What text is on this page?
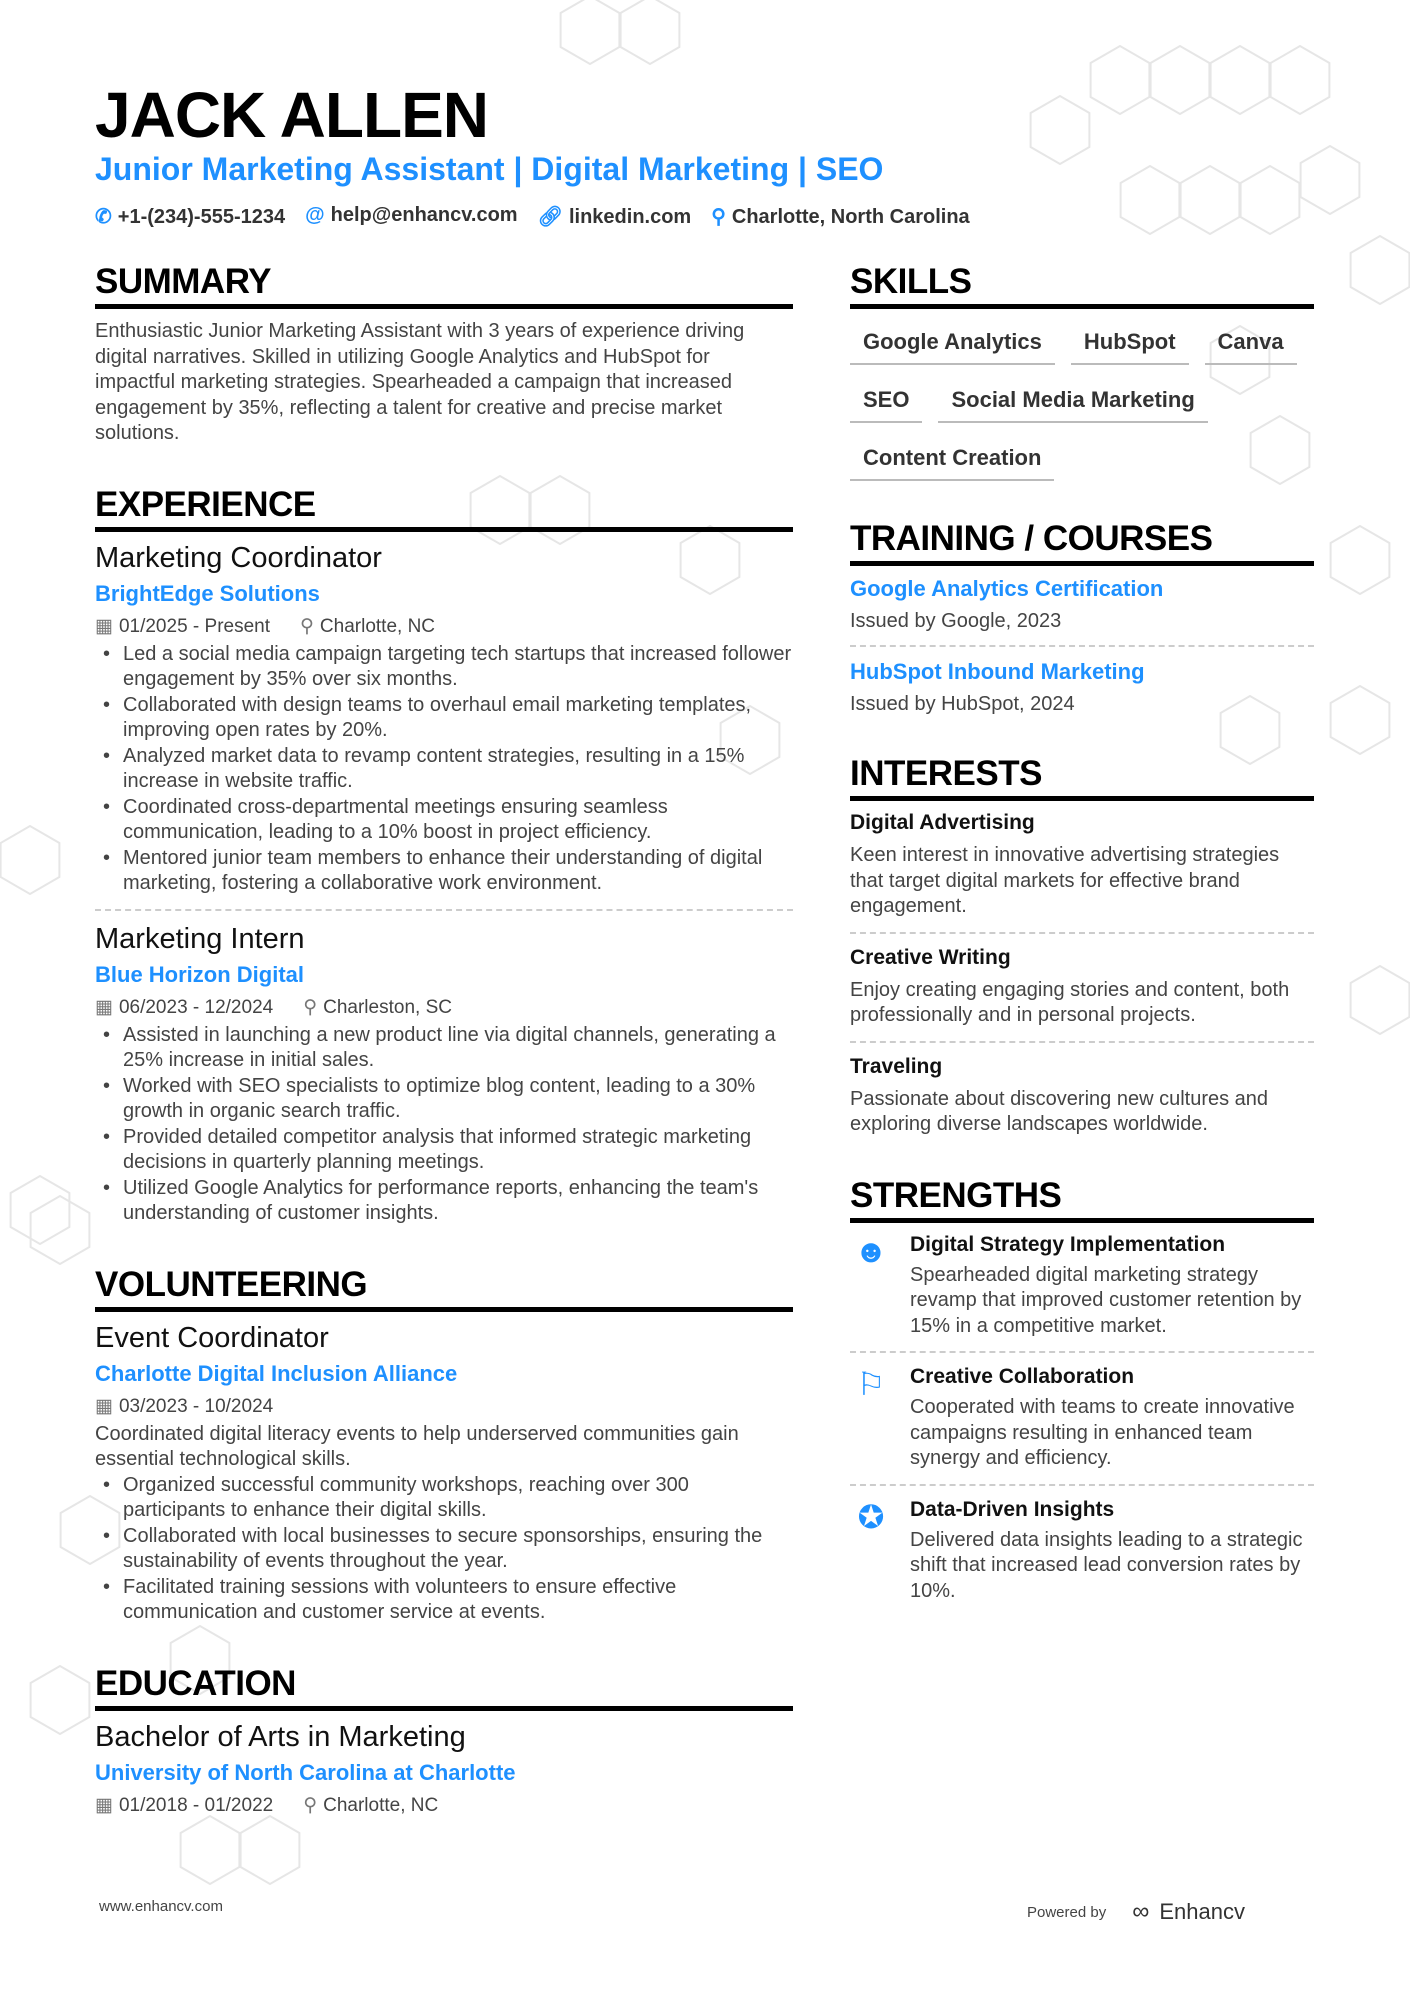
JACK ALLEN
Junior Marketing Assistant | Digital Marketing | SEO
✆ +1-(234)-555-1234 @ help@enhancv.com 🔗︎ linkedin.com ⚲ Charlotte, North Carolina
SUMMARY
Enthusiastic Junior Marketing Assistant with 3 years of experience driving digital narratives. Skilled in utilizing Google Analytics and HubSpot for impactful marketing strategies. Spearheaded a campaign that increased engagement by 35%, reflecting a talent for creative and precise market solutions.
EXPERIENCE
Marketing Coordinator
BrightEdge Solutions
▦ 01/2025 - Present ⚲ Charlotte, NC
• Led a social media campaign targeting tech startups that increased follower engagement by 35% over six months.
• Collaborated with design teams to overhaul email marketing templates, improving open rates by 20%.
• Analyzed market data to revamp content strategies, resulting in a 15% increase in website traffic.
• Coordinated cross-departmental meetings ensuring seamless communication, leading to a 10% boost in project efficiency.
• Mentored junior team members to enhance their understanding of digital marketing, fostering a collaborative work environment.
Marketing Intern
Blue Horizon Digital
▦ 06/2023 - 12/2024 ⚲ Charleston, SC
• Assisted in launching a new product line via digital channels, generating a 25% increase in initial sales.
• Worked with SEO specialists to optimize blog content, leading to a 30% growth in organic search traffic.
• Provided detailed competitor analysis that informed strategic marketing decisions in quarterly planning meetings.
• Utilized Google Analytics for performance reports, enhancing the team's understanding of customer insights.
VOLUNTEERING
Event Coordinator
Charlotte Digital Inclusion Alliance
▦ 03/2023 - 10/2024
Coordinated digital literacy events to help underserved communities gain essential technological skills.
• Organized successful community workshops, reaching over 300 participants to enhance their digital skills.
• Collaborated with local businesses to secure sponsorships, ensuring the sustainability of events throughout the year.
• Facilitated training sessions with volunteers to ensure effective communication and customer service at events.
EDUCATION
Bachelor of Arts in Marketing
University of North Carolina at Charlotte
▦ 01/2018 - 01/2022 ⚲ Charlotte, NC
SKILLS
Google Analytics	HubSpot	Canva
SEO	Social Media Marketing
Content Creation
TRAINING / COURSES
Google Analytics Certification
Issued by Google, 2023
HubSpot Inbound Marketing
Issued by HubSpot, 2024
INTERESTS
Digital Advertising
Keen interest in innovative advertising strategies that target digital markets for effective brand engagement.
Creative Writing
Enjoy creating engaging stories and content, both professionally and in personal projects.
Traveling
Passionate about discovering new cultures and exploring diverse landscapes worldwide.
STRENGTHS
☻ Digital Strategy Implementation
Spearheaded digital marketing strategy revamp that improved customer retention by 15% in a competitive market.
⚐	Creative Collaboration
Cooperated with teams to create innovative campaigns resulting in enhanced team synergy and efficiency.
✪	Data-Driven Insights
Delivered data insights leading to a strategic shift that increased lead conversion rates by 10%.
www.enhancv.com	Powered by ∞ Enhancv
